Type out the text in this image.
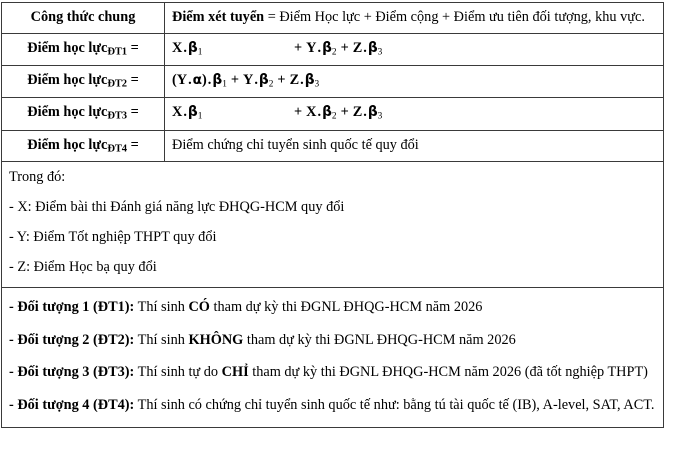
Công thức chung	Điểm xét tuyển = Điểm Học lực + Điểm cộng + Điểm ưu tiên đối tượng, khu vực.
Điểm học lực$_{ĐT1}$ =	$X.\beta_1 + Y.\beta_2 + Z.\beta_3$
Điểm học lực$_{ĐT2}$ =	$(Y.\alpha).\beta_1 + Y.\beta_2 + Z.\beta_3$
Điểm học lực$_{ĐT3}$ =	$X.\beta_1 + X.\beta_2 + Z.\beta_3$
Điểm học lực$_{ĐT4}$ =	Điểm chứng chỉ tuyển sinh quốc tế quy đổi

Trong đó:

- X: Điểm bài thi Đánh giá năng lực ĐHQG-HCM quy đổi

- Y: Điểm Tốt nghiệp THPT quy đổi

- Z: Điểm Học bạ quy đổi	

- Đối tượng 1 (ĐT1): Thí sinh CÓ tham dự kỳ thi ĐGNL ĐHQG-HCM năm 2026

- Đối tượng 2 (ĐT2): Thí sinh KHÔNG tham dự kỳ thi ĐGNL ĐHQG-HCM năm 2026

- Đối tượng 3 (ĐT3): Thí sinh tự do CHỈ tham dự kỳ thi ĐGNL ĐHQG-HCM năm 2026 (đã tốt nghiệp THPT)

- Đối tượng 4 (ĐT4): Thí sinh có chứng chỉ tuyển sinh quốc tế như: bằng tú tài quốc tế (IB), A-level, SAT, ACT.	
